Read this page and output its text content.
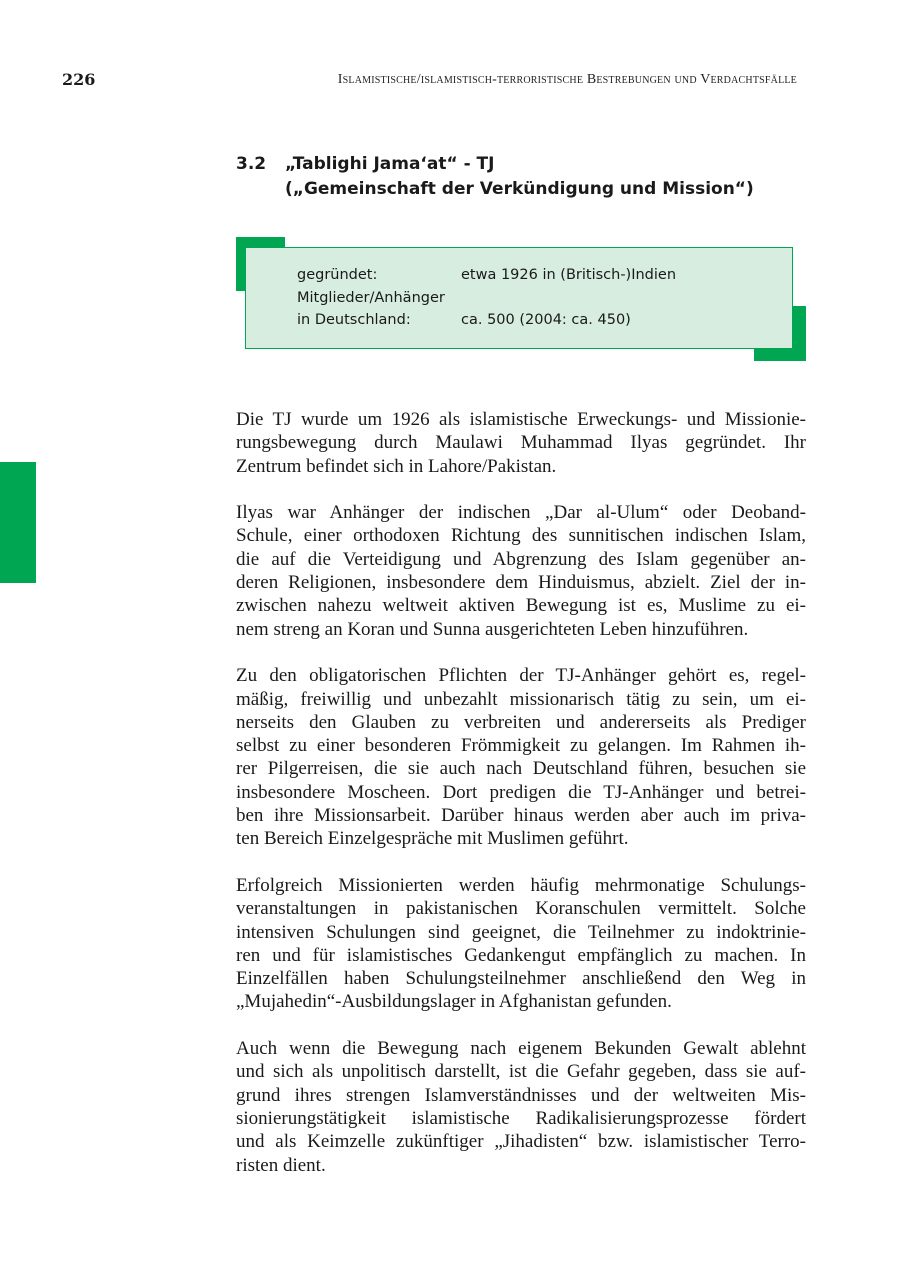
226	Islamistische/islamistisch-terroristische Bestrebungen und Verdachtsfälle
3.2 „Tablighi Jama‘at“ - TJ
(„Gemeinschaft der Verkündigung und Mission“)
gegründet:	etwa 1926 in (Britisch-)Indien
Mitglieder/Anhänger
in Deutschland:	ca. 500 (2004: ca. 450)

Die TJ wurde um 1926 als islamistische Erweckungs- und Missionie-
rungsbewegung durch Maulawi Muhammad Ilyas gegründet. Ihr
Zentrum befindet sich in Lahore/Pakistan.

Ilyas war Anhänger der indischen „Dar al-Ulum“ oder Deoband-
Schule, einer orthodoxen Richtung des sunnitischen indischen Islam,
die auf die Verteidigung und Abgrenzung des Islam gegenüber an-
deren Religionen, insbesondere dem Hinduismus, abzielt. Ziel der in-
zwischen nahezu weltweit aktiven Bewegung ist es, Muslime zu ei-
nem streng an Koran und Sunna ausgerichteten Leben hinzuführen.

Zu den obligatorischen Pflichten der TJ-Anhänger gehört es, regel-
mäßig, freiwillig und unbezahlt missionarisch tätig zu sein, um ei-
nerseits den Glauben zu verbreiten und andererseits als Prediger
selbst zu einer besonderen Frömmigkeit zu gelangen. Im Rahmen ih-
rer Pilgerreisen, die sie auch nach Deutschland führen, besuchen sie
insbesondere Moscheen. Dort predigen die TJ-Anhänger und betrei-
ben ihre Missionsarbeit. Darüber hinaus werden aber auch im priva-
ten Bereich Einzelgespräche mit Muslimen geführt.

Erfolgreich Missionierten werden häufig mehrmonatige Schulungs-
veranstaltungen in pakistanischen Koranschulen vermittelt. Solche
intensiven Schulungen sind geeignet, die Teilnehmer zu indoktrinie-
ren und für islamistisches Gedankengut empfänglich zu machen. In
Einzelfällen haben Schulungsteilnehmer anschließend den Weg in
„Mujahedin“-Ausbildungslager in Afghanistan gefunden.

Auch wenn die Bewegung nach eigenem Bekunden Gewalt ablehnt
und sich als unpolitisch darstellt, ist die Gefahr gegeben, dass sie auf-
grund ihres strengen Islamverständnisses und der weltweiten Mis-
sionierungstätigkeit islamistische Radikalisierungsprozesse fördert
und als Keimzelle zukünftiger „Jihadisten“ bzw. islamistischer Terro-
risten dient.
